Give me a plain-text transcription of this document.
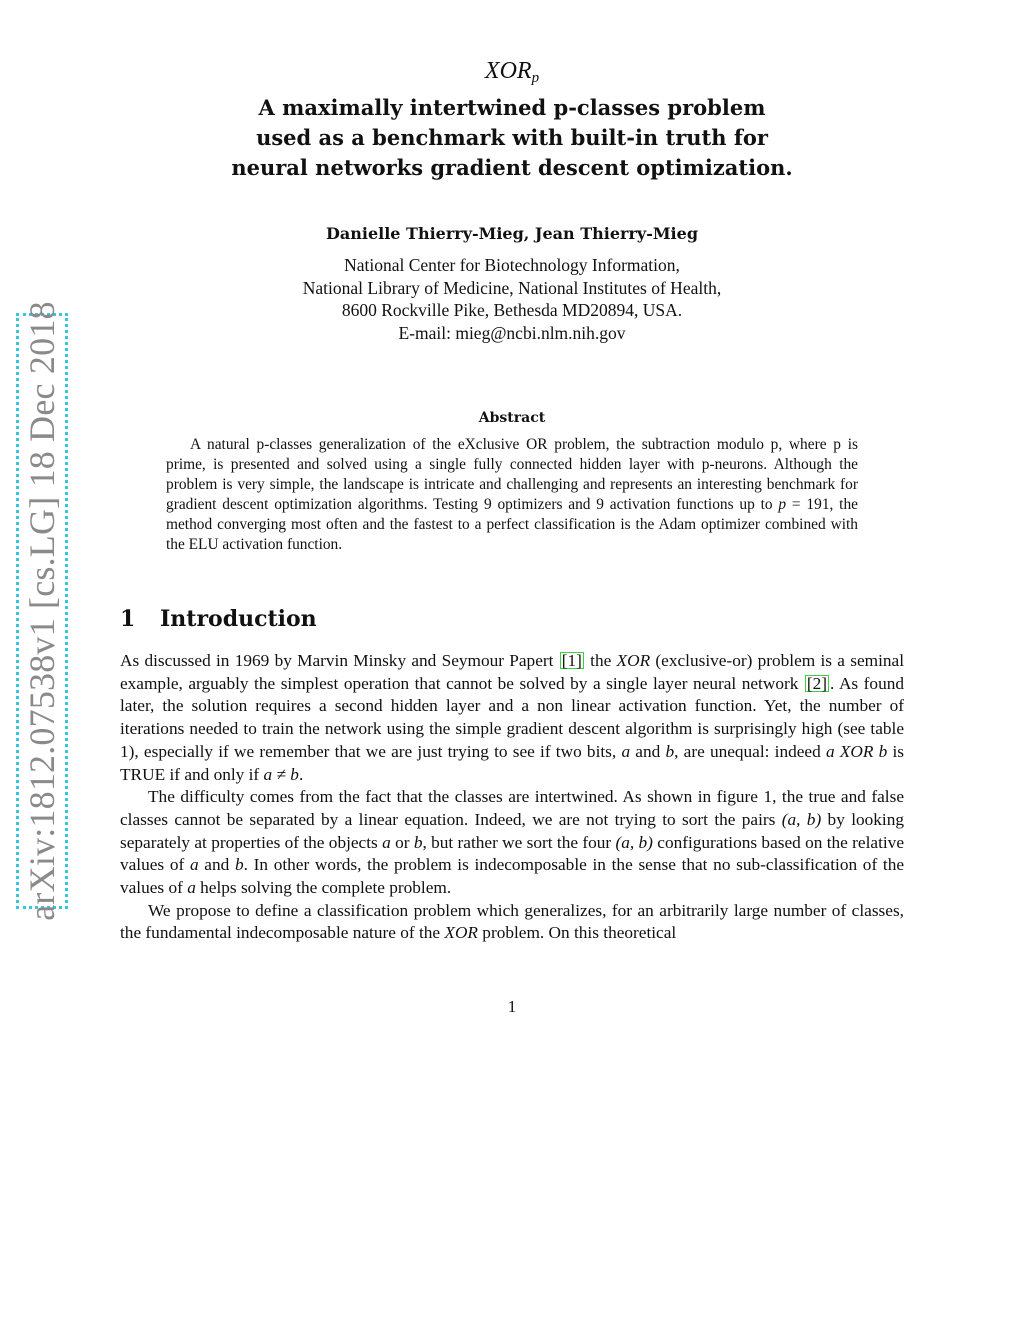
arXiv:1812.07538v1 [cs.LG] 18 Dec 2018
$XOR_p$
A maximally intertwined p-classes problem
used as a benchmark with built-in truth for
neural networks gradient descent optimization.
Danielle Thierry-Mieg, Jean Thierry-Mieg
National Center for Biotechnology Information,
National Library of Medicine, National Institutes of Health,
8600 Rockville Pike, Bethesda MD20894, USA.
E-mail: mieg@ncbi.nlm.nih.gov
Abstract
A natural p-classes generalization of the eXclusive OR problem, the subtraction modulo p, where p is prime, is presented and solved using a single fully connected hidden layer with p-neurons. Although the problem is very simple, the landscape is intricate and challenging and represents an interesting benchmark for gradient descent optimization algorithms. Testing 9 optimizers and 9 activation functions up to p = 191, the method converging most often and the fastest to a perfect classification is the Adam optimizer combined with the ELU activation function.
1 Introduction

As discussed in 1969 by Marvin Minsky and Seymour Papert [1] the XOR (exclusive-or) problem is a seminal example, arguably the simplest operation that cannot be solved by a single layer neural network [2] . As found later, the solution requires a second hidden layer and a non linear activation function. Yet, the number of iterations needed to train the network using the simple gradient descent algorithm is surprisingly high (see table 1), especially if we remember that we are just trying to see if two bits, a and b, are unequal: indeed a XOR b is TRUE if and only if a ≠ b.

The difficulty comes from the fact that the classes are intertwined. As shown in figure 1, the true and false classes cannot be separated by a linear equation. Indeed, we are not trying to sort the pairs (a, b) by looking separately at properties of the objects a or b, but rather we sort the four (a, b) configurations based on the relative values of a and b. In other words, the problem is indecomposable in the sense that no sub-classification of the values of a helps solving the complete problem.

We propose to define a classification problem which generalizes, for an arbitrarily large number of classes, the fundamental indecomposable nature of the XOR problem. On this theoretical

1
